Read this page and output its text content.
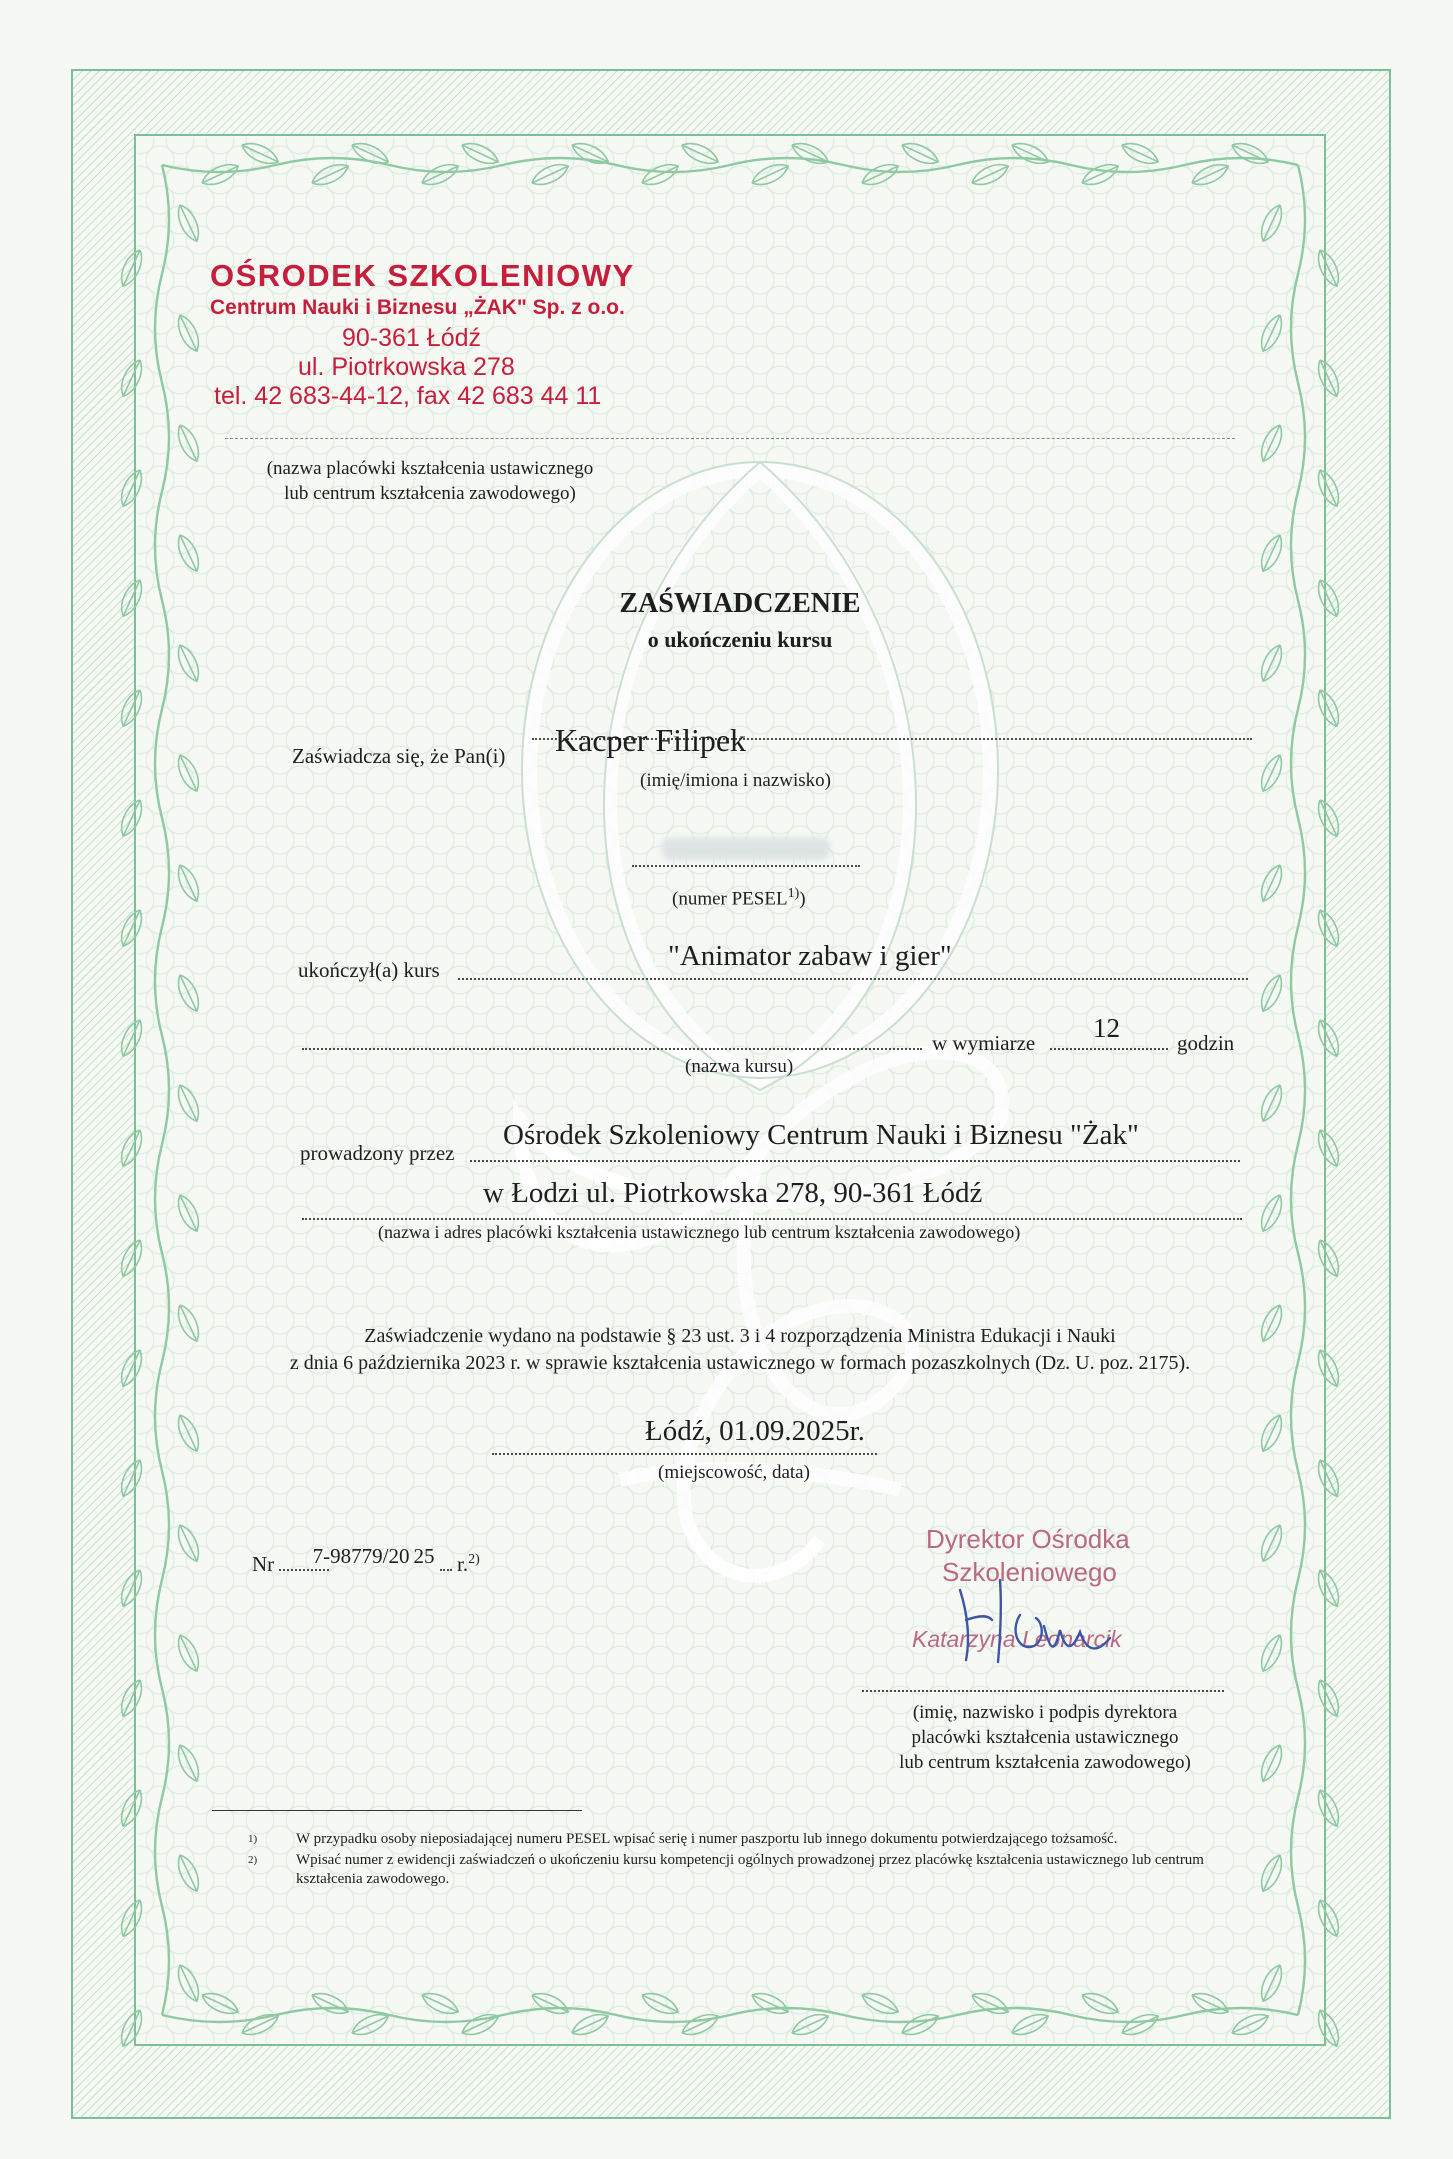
OŚRODEK SZKOLENIOWY
Centrum Nauki i Biznesu „ŻAK" Sp. z o.o.
90-361 Łódź
ul. Piotrkowska 278
tel. 42 683-44-12, fax 42 683 44 11
(nazwa placówki kształcenia ustawicznego
lub centrum kształcenia zawodowego)
ZAŚWIADCZENIE
o ukończeniu kursu
Zaświadcza się, że Pan(i) Kacper Filipek
(imię/imiona i nazwisko)
(numer PESEL$^{1)}$)
ukończył(a) kurs	"Animator zabaw i gier"
w wymiarze 12	godzin
(nazwa kursu)
prowadzony przez
Ośrodek Szkoleniowy Centrum Nauki i Biznesu "Żak"
w Łodzi ul. Piotrkowska 278, 90-361 Łódź
(nazwa i adres placówki kształcenia ustawicznego lub centrum kształcenia zawodowego)
Zaświadczenie wydano na podstawie § 23 ust. 3 i 4 rozporządzenia Ministra Edukacji i Nauki
z dnia 6 października 2023 r. w sprawie kształcenia ustawicznego w formach pozaszkolnych (Dz. U. poz. 2175).
Łódź, 01.09.2025r.
(miejscowość, data)
Nr 7-98779/20 25 r.$^{2)}$
Dyrektor Ośrodka
Szkoleniowego
Katarzyna Leonarcik
(imię, nazwisko i podpis dyrektora
placówki kształcenia ustawicznego
lub centrum kształcenia zawodowego)
1)	W przypadku osoby nieposiadającej numeru PESEL wpisać serię i numer paszportu lub innego dokumentu potwierdzającego tożsamość.
2)	Wpisać numer z ewidencji zaświadczeń o ukończeniu kursu kompetencji ogólnych prowadzonej przez placówkę kształcenia ustawicznego lub centrum kształcenia zawodowego.
